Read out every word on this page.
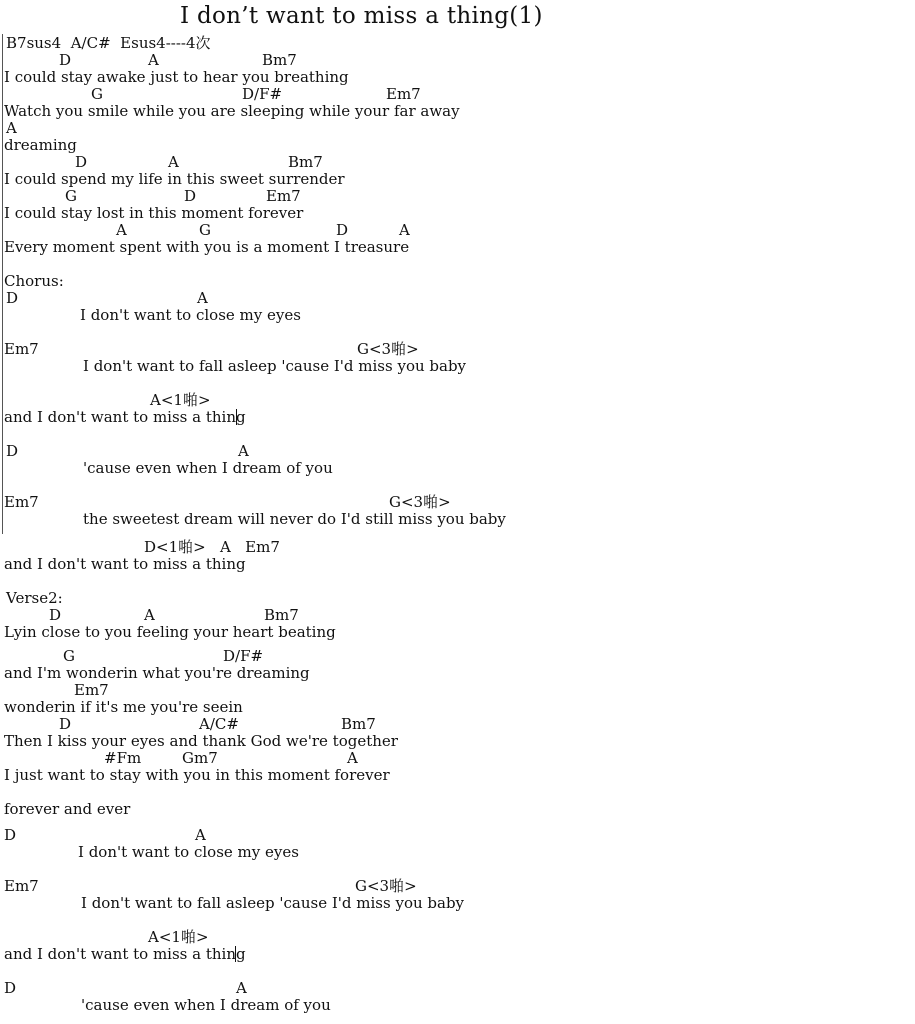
I don’t want to miss a thing(1)
B7sus4  A/C#  Esus4----4次
D	A	Bm7
I could stay awake just to hear you breathing
G	D/F#	Em7
Watch you smile while you are sleeping while your far away
A
dreaming
D	A	Bm7
I could spend my life in this sweet surrender
G	D	Em7
I could stay lost in this moment forever
A	G	D	A
Every moment spent with you is a moment I treasure
Chorus:
D	A
I don't want to close my eyes
Em7	G<3啪>
I don't want to fall asleep 'cause I'd miss you baby
A<1啪>
and I don't want to miss a thing
D	A
'cause even when I dream of you
Em7	G<3啪>
the sweetest dream will never do I'd still miss you baby
D<1啪>   A   Em7
and I don't want to miss a thing
Verse2:
D	A	Bm7
Lyin close to you feeling your heart beating
G	D/F#
and I'm wonderin what you're dreaming
Em7
wonderin if it's me you're seein
D	A/C#	Bm7
Then I kiss your eyes and thank God we're together
#Fm	Gm7	A
I just want to stay with you in this moment forever
forever and ever
D	A
I don't want to close my eyes
Em7	G<3啪>
I don't want to fall asleep 'cause I'd miss you baby
A<1啪>
and I don't want to miss a thing
D	A
'cause even when I dream of you
